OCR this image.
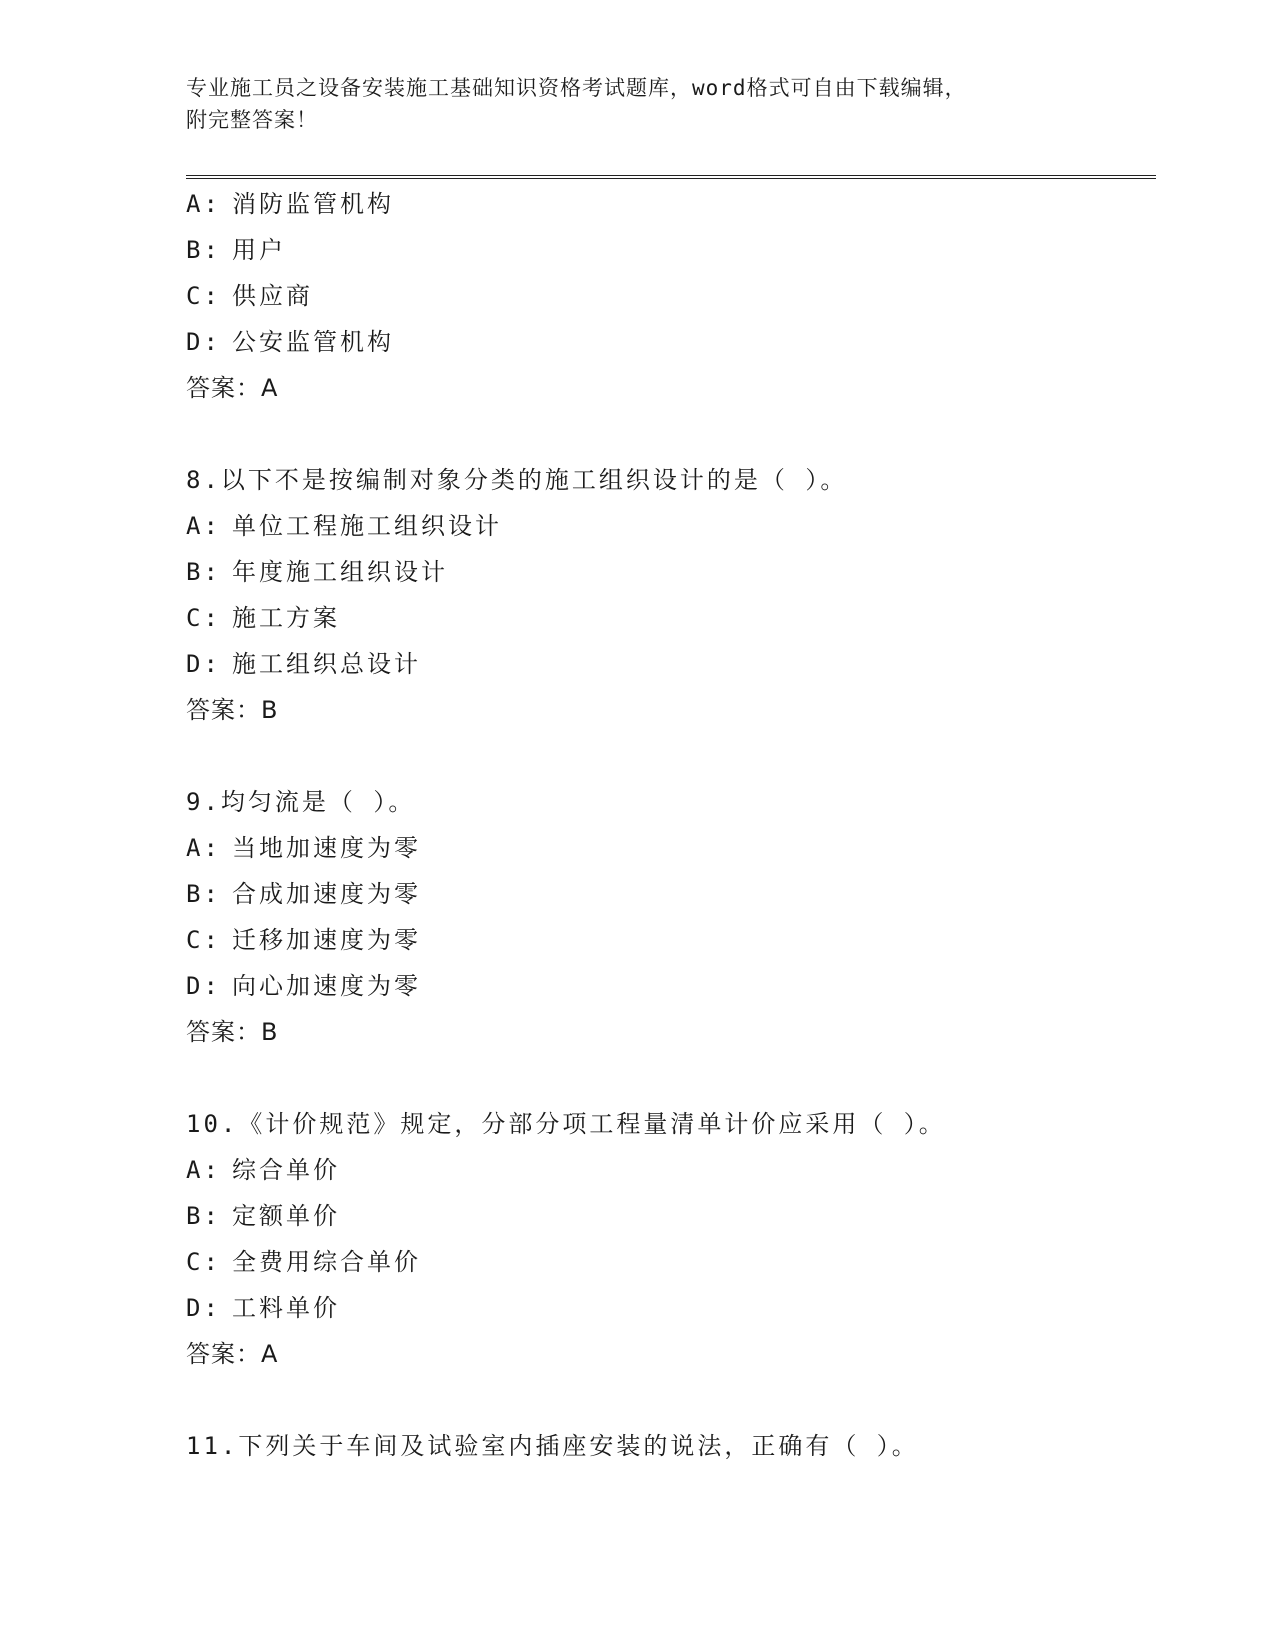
专业施工员之设备安装施工基础知识资格考试题库，word格式可自由下载编辑，
附完整答案！
A: 消防监管机构
B: 用户
C: 供应商
D: 公安监管机构
答案：A
8.以下不是按编制对象分类的施工组织设计的是（ ）。
A: 单位工程施工组织设计
B: 年度施工组织设计
C: 施工方案
D: 施工组织总设计
答案：B
9.均匀流是（ ）。
A: 当地加速度为零
B: 合成加速度为零
C: 迁移加速度为零
D: 向心加速度为零
答案：B
10.《计价规范》规定，分部分项工程量清单计价应采用（ ）。
A: 综合单价
B: 定额单价
C: 全费用综合单价
D: 工料单价
答案：A
11.下列关于车间及试验室内插座安装的说法，正确有（ ）。
